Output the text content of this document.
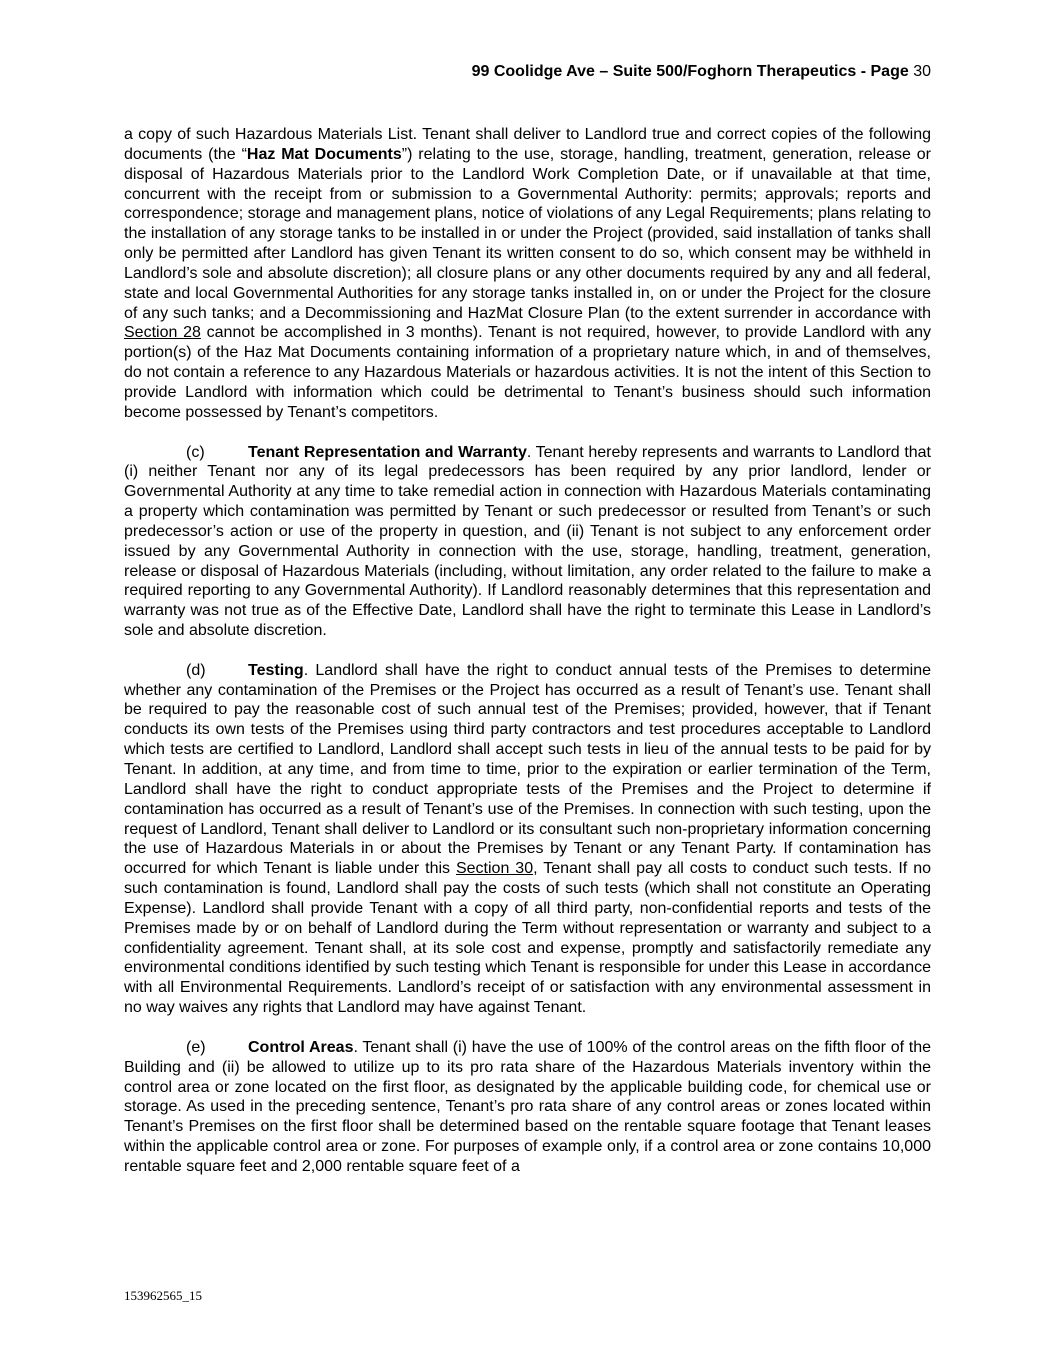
99 Coolidge Ave – Suite 500/Foghorn Therapeutics - Page 30

a copy of such Hazardous Materials List. Tenant shall deliver to Landlord true and correct copies of the following documents (the “Haz Mat Documents”) relating to the use, storage, handling, treatment, generation, release or disposal of Hazardous Materials prior to the Landlord Work Completion Date, or if unavailable at that time, concurrent with the receipt from or submission to a Governmental Authority: permits; approvals; reports and correspondence; storage and management plans, notice of violations of any Legal Requirements; plans relating to the installation of any storage tanks to be installed in or under the Project (provided, said installation of tanks shall only be permitted after Landlord has given Tenant its written consent to do so, which consent may be withheld in Landlord’s sole and absolute discretion); all closure plans or any other documents required by any and all federal, state and local Governmental Authorities for any storage tanks installed in, on or under the Project for the closure of any such tanks; and a Decommissioning and HazMat Closure Plan (to the extent surrender in accordance with Section 28 cannot be accomplished in 3 months). Tenant is not required, however, to provide Landlord with any portion(s) of the Haz Mat Documents containing information of a proprietary nature which, in and of themselves, do not contain a reference to any Hazardous Materials or hazardous activities. It is not the intent of this Section to provide Landlord with information which could be detrimental to Tenant’s business should such information become possessed by Tenant’s competitors.

(c)	Tenant Representation and Warranty. Tenant hereby represents and warrants to Landlord that (i) neither Tenant nor any of its legal predecessors has been required by any prior landlord, lender or Governmental Authority at any time to take remedial action in connection with Hazardous Materials contaminating a property which contamination was permitted by Tenant or such predecessor or resulted from Tenant’s or such predecessor’s action or use of the property in question, and (ii) Tenant is not subject to any enforcement order issued by any Governmental Authority in connection with the use, storage, handling, treatment, generation, release or disposal of Hazardous Materials (including, without limitation, any order related to the failure to make a required reporting to any Governmental Authority). If Landlord reasonably determines that this representation and warranty was not true as of the Effective Date, Landlord shall have the right to terminate this Lease in Landlord’s sole and absolute discretion.

(d)	Testing. Landlord shall have the right to conduct annual tests of the Premises to determine whether any contamination of the Premises or the Project has occurred as a result of Tenant’s use. Tenant shall be required to pay the reasonable cost of such annual test of the Premises; provided, however, that if Tenant conducts its own tests of the Premises using third party contractors and test procedures acceptable to Landlord which tests are certified to Landlord, Landlord shall accept such tests in lieu of the annual tests to be paid for by Tenant. In addition, at any time, and from time to time, prior to the expiration or earlier termination of the Term, Landlord shall have the right to conduct appropriate tests of the Premises and the Project to determine if contamination has occurred as a result of Tenant’s use of the Premises. In connection with such testing, upon the request of Landlord, Tenant shall deliver to Landlord or its consultant such non-proprietary information concerning the use of Hazardous Materials in or about the Premises by Tenant or any Tenant Party. If contamination has occurred for which Tenant is liable under this Section 30, Tenant shall pay all costs to conduct such tests. If no such contamination is found, Landlord shall pay the costs of such tests (which shall not constitute an Operating Expense). Landlord shall provide Tenant with a copy of all third party, non-confidential reports and tests of the Premises made by or on behalf of Landlord during the Term without representation or warranty and subject to a confidentiality agreement. Tenant shall, at its sole cost and expense, promptly and satisfactorily remediate any environmental conditions identified by such testing which Tenant is responsible for under this Lease in accordance with all Environmental Requirements. Landlord’s receipt of or satisfaction with any environmental assessment in no way waives any rights that Landlord may have against Tenant.

(e)	Control Areas. Tenant shall (i) have the use of 100% of the control areas on the fifth floor of the Building and (ii) be allowed to utilize up to its pro rata share of the Hazardous Materials inventory within the control area or zone located on the first floor, as designated by the applicable building code, for chemical use or storage. As used in the preceding sentence, Tenant’s pro rata share of any control areas or zones located within Tenant’s Premises on the first floor shall be determined based on the rentable square footage that Tenant leases within the applicable control area or zone. For purposes of example only, if a control area or zone contains 10,000 rentable square feet and 2,000 rentable square feet of a

153962565_15
